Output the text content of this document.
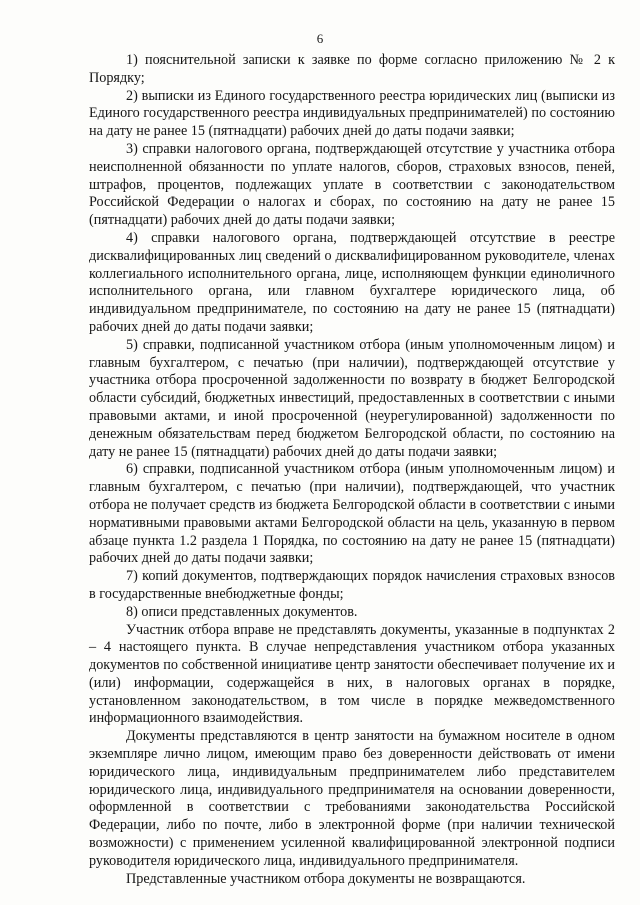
6

1) пояснительной записки к заявке по форме согласно приложению № 2 к Порядку;

2) выписки из Единого государственного реестра юридических лиц (выписки из Единого государственного реестра индивидуальных предпринимателей) по состоянию на дату не ранее 15 (пятнадцати) рабочих дней до даты подачи заявки;

3) справки налогового органа, подтверждающей отсутствие у участника отбора неисполненной обязанности по уплате налогов, сборов, страховых взносов, пеней, штрафов, процентов, подлежащих уплате в соответствии с законодательством Российской Федерации о налогах и сборах, по состоянию на дату не ранее 15 (пятнадцати) рабочих дней до даты подачи заявки;

4) справки налогового органа, подтверждающей отсутствие в реестре дисквалифицированных лиц сведений о дисквалифицированном руководителе, членах коллегиального исполнительного органа, лице, исполняющем функции единоличного исполнительного органа, или главном бухгалтере юридического лица, об индивидуальном предпринимателе, по состоянию на дату не ранее 15 (пятнадцати) рабочих дней до даты подачи заявки;

5) справки, подписанной участником отбора (иным уполномоченным лицом) и главным бухгалтером, с печатью (при наличии), подтверждающей отсутствие у участника отбора просроченной задолженности по возврату в бюджет Белгородской области субсидий, бюджетных инвестиций, предоставленных в соответствии с иными правовыми актами, и иной просроченной (неурегулированной) задолженности по денежным обязательствам перед бюджетом Белгородской области, по состоянию на дату не ранее 15 (пятнадцати) рабочих дней до даты подачи заявки;

6) справки, подписанной участником отбора (иным уполномоченным лицом) и главным бухгалтером, с печатью (при наличии), подтверждающей, что участник отбора не получает средств из бюджета Белгородской области в соответствии с иными нормативными правовыми актами Белгородской области на цель, указанную в первом абзаце пункта 1.2 раздела 1 Порядка, по состоянию на дату не ранее 15 (пятнадцати) рабочих дней до даты подачи заявки;

7) копий документов, подтверждающих порядок начисления страховых взносов в государственные внебюджетные фонды;

8) описи представленных документов.

Участник отбора вправе не представлять документы, указанные в подпунктах 2 – 4 настоящего пункта. В случае непредставления участником отбора указанных документов по собственной инициативе центр занятости обеспечивает получение их и (или) информации, содержащейся в них, в налоговых органах в порядке, установленном законодательством, в том числе в порядке межведомственного информационного взаимодействия.

Документы представляются в центр занятости на бумажном носителе в одном экземпляре лично лицом, имеющим право без доверенности действовать от имени юридического лица, индивидуальным предпринимателем либо представителем юридического лица, индивидуального предпринимателя на основании доверенности, оформленной в соответствии с требованиями законодательства Российской Федерации, либо по почте, либо в электронной форме (при наличии технической возможности) с применением усиленной квалифицированной электронной подписи руководителя юридического лица, индивидуального предпринимателя.

Представленные участником отбора документы не возвращаются.
